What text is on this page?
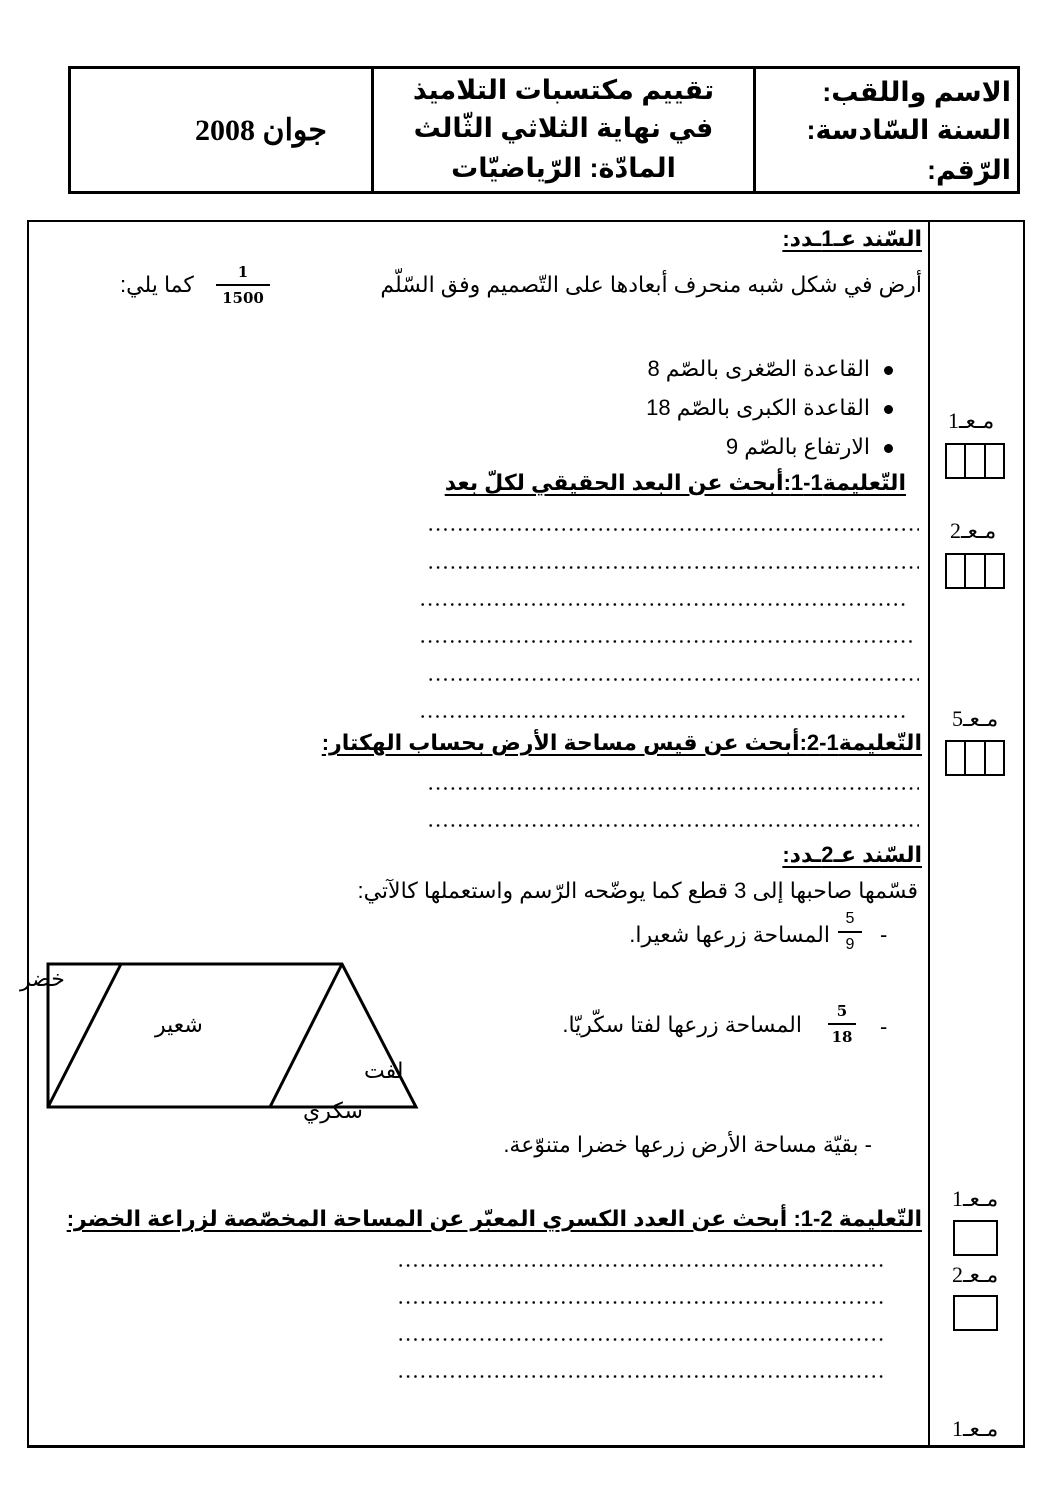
جوان 2008
تقييم مكتسبات التلاميذ
في نهاية الثلاثي الثّالث
المادّة: الرّياضيّات
الاسم واللقب:
السنة السّادسة:
الرّقم:
السّند عـ1ـدد:
أرض في شكل شبه منحرف أبعادها على التّصميم وفق السّلّم
1
1500
كما يلي:
القاعدة الصّغرى بالصّم 8
القاعدة الكبرى بالصّم 18
الارتفاع بالصّم 9
التّعليمة1-1:أبحث عن البعد الحقيقي لكلّ بعد
التّعليمة1-2:أبحث عن قيس مساحة الأرض بحساب الهكتار:
السّند عـ2ـدد:
قسّمها صاحبها إلى 3 قطع كما يوضّحه الرّسم واستعملها كالآتي:
المساحة زرعها شعيرا.
5
9 -
المساحة زرعها لفتا سكّريّا.
5
18 -
- بقيّة مساحة الأرض زرعها خضرا متنوّعة.
خضر
شعير
لفت
سكري
التّعليمة 2-1: أبحث عن العدد الكسري المعبّر عن المساحة المخصّصة لزراعة الخضر:
مـعـ1
مـعـ2
مـعـ5
مـعـ1
مـعـ2
مـعـ1
